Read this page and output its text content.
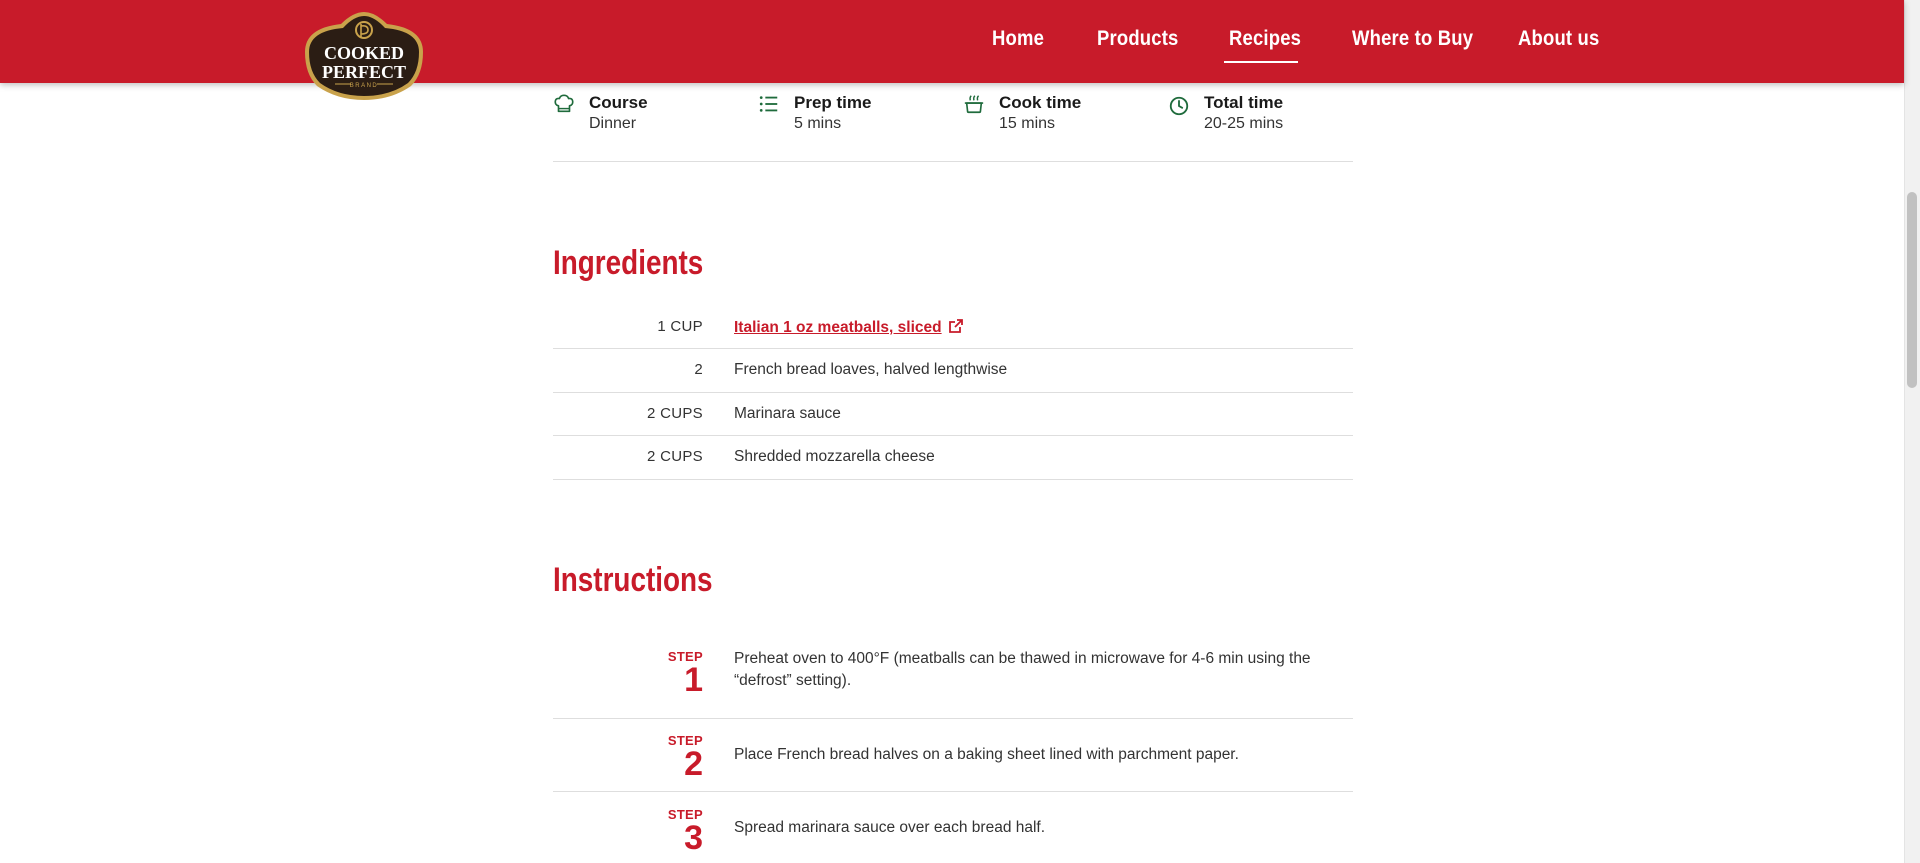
Home	Products Recipes Where to Buy About us
COOKED
PERFECT
BRAND
Course
Dinner
Prep time
5 mins
Cook time
15 mins
Total time
20-25 mins
Ingredients
1 CUP Italian 1 oz meatballs, sliced
2 French bread loaves, halved lengthwise
2 CUPS Marinara sauce
2 CUPS Shredded mozzarella cheese
Instructions
STEP
1

Preheat oven to 400°F (meatballs can be thawed in microwave for 4-6 min using the “defrost” setting).

STEP
2 Place French bread halves on a baking sheet lined with parchment paper.

STEP
3 Spread marinara sauce over each bread half.
